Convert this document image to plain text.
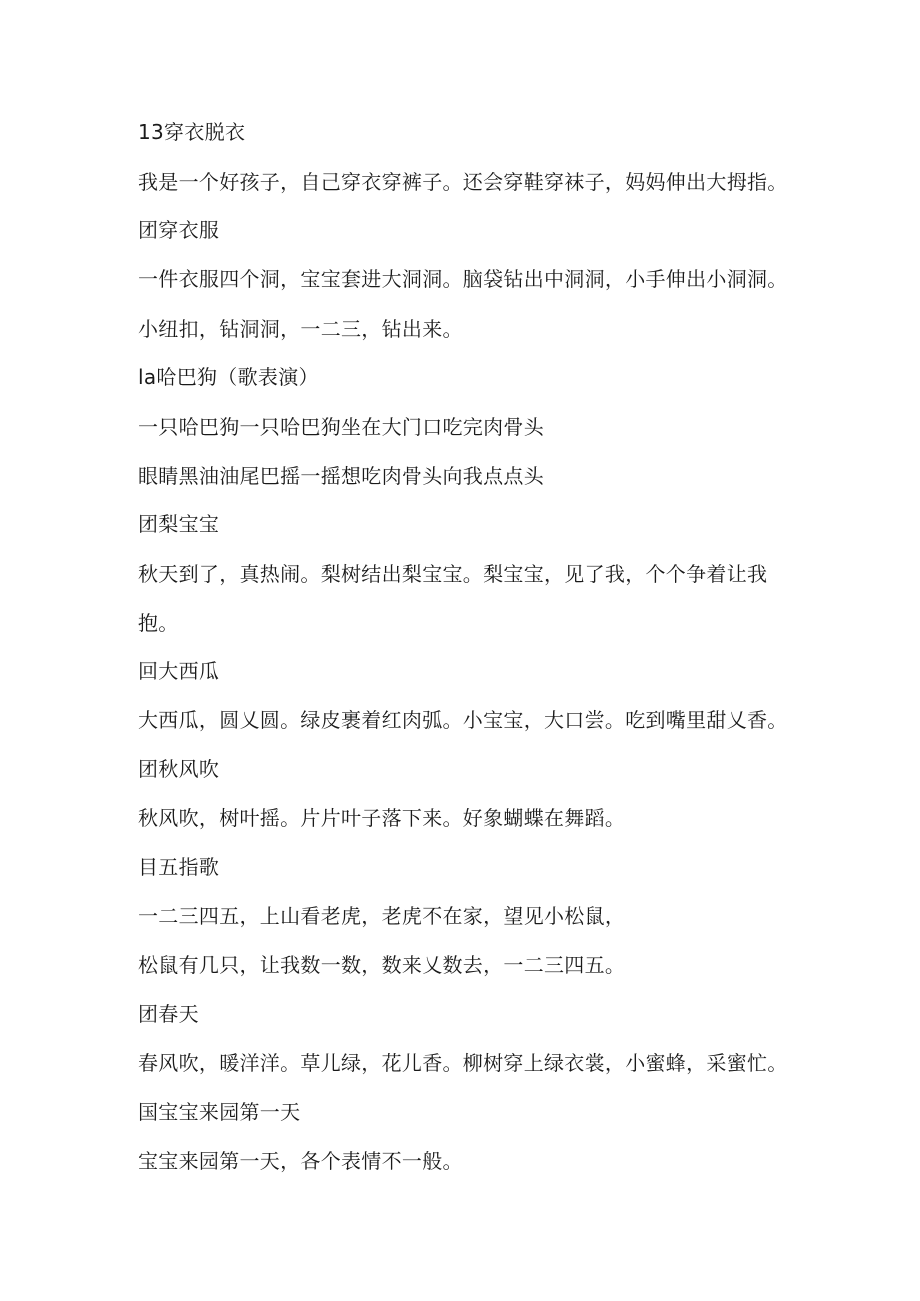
13穿衣脱衣

我是一个好孩子，自己穿衣穿裤子。还会穿鞋穿袜子，妈妈伸出大拇指。

团穿衣服

一件衣服四个洞，宝宝套进大洞洞。脑袋钻出中洞洞，小手伸出小洞洞。

小纽扣，钻洞洞，一二三，钻出来。

la哈巴狗（歌表演）

一只哈巴狗一只哈巴狗坐在大门口吃完肉骨头

眼睛黑油油尾巴摇一摇想吃肉骨头向我点点头

团梨宝宝

秋天到了，真热闹。梨树结出梨宝宝。梨宝宝，见了我，个个争着让我

抱。

回大西瓜

大西瓜，圆乂圆。绿皮裹着红肉弧。小宝宝，大口尝。吃到嘴里甜乂香。

团秋风吹

秋风吹，树叶摇。片片叶子落下来。好象蝴蝶在舞蹈。

目五指歌

一二三四五，上山看老虎，老虎不在家，望见小松鼠，

松鼠有几只，让我数一数，数来乂数去，一二三四五。

团春天

春风吹，暖洋洋。草儿绿，花儿香。柳树穿上绿衣裳，小蜜蜂，采蜜忙。

国宝宝来园第一天

宝宝来园第一天，各个表情不一般。
